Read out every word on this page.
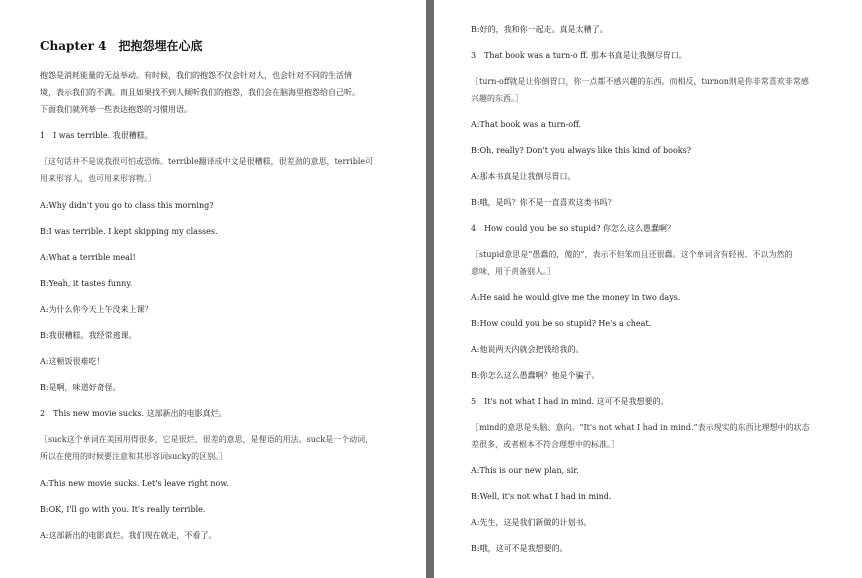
Chapter 4　把抱怨埋在心底
抱怨是消耗能量的无益举动。有时候，我们的抱怨不仅会针对人，也会针对不同的生活情
境，表示我们的不满。而且如果找不到人倾听我们的抱怨，我们会在脑海里抱怨给自己听。
下面我们就列举一些表达抱怨的习惯用语。
1　I was terrible. 我很糟糕。
［这句话并不是说我很可怕或恐怖。terrible翻译成中文是很糟糕，很差劲的意思，terrible可
用来形容人，也可用来形容物。］
A:Why didn't you go to class this morning?
B:I was terrible. I kept skipping my classes.
A:What a terrible meal!
B:Yeah, it tastes funny.
A:为什么你今天上午没来上课？
B:我很糟糕。我经常逃课。
A:这顿饭很难吃！
B:是啊，味道好奇怪。
2　This new movie sucks. 这部新出的电影真烂。
［suck这个单词在美国用得很多，它是很烂、很差的意思，是俚语的用法。suck是一个动词，
所以在使用的时候要注意和其形容词sucky的区别。］
A:This new movie sucks. Let's leave right now.
B:OK, I'll go with you. It's really terrible.
A:这部新出的电影真烂。我们现在就走，不看了。
B:好的，我和你一起走。真是太糟了。
3　That book was a turn-o ff. 那本书真是让我倒尽胃口。
［turn-off就是让你倒胃口，你一点都不感兴趣的东西。而相反，turnon则是你非常喜欢非常感
兴趣的东西。］
A:That book was a turn-off.
B:Oh, really? Don't you always like this kind of books?
A:那本书真是让我倒尽胃口。
B:哦，是吗？你不是一直喜欢这类书吗？
4　How could you be so stupid? 你怎么这么愚蠢啊？
［stupid意思是“愚蠢的，傻的”，表示不但笨而且还很蠢。这个单词含有轻视、不以为然的
意味，用于责备别人。］
A:He said he would give me the money in two days.
B:How could you be so stupid? He's a cheat.
A:他说两天内就会把钱给我的。
B:你怎么这么愚蠢啊？他是个骗子。
5　It's not what I had in mind. 这可不是我想要的。
［mind的意思是头脑、意向。“It's not what I had in mind.”表示现实的东西比理想中的状态
差很多，或者根本不符合理想中的标准。］
A:This is our new plan, sir.
B:Well, it's not what I had in mind.
A:先生，这是我们新做的计划书。
B:哦，这可不是我想要的。
